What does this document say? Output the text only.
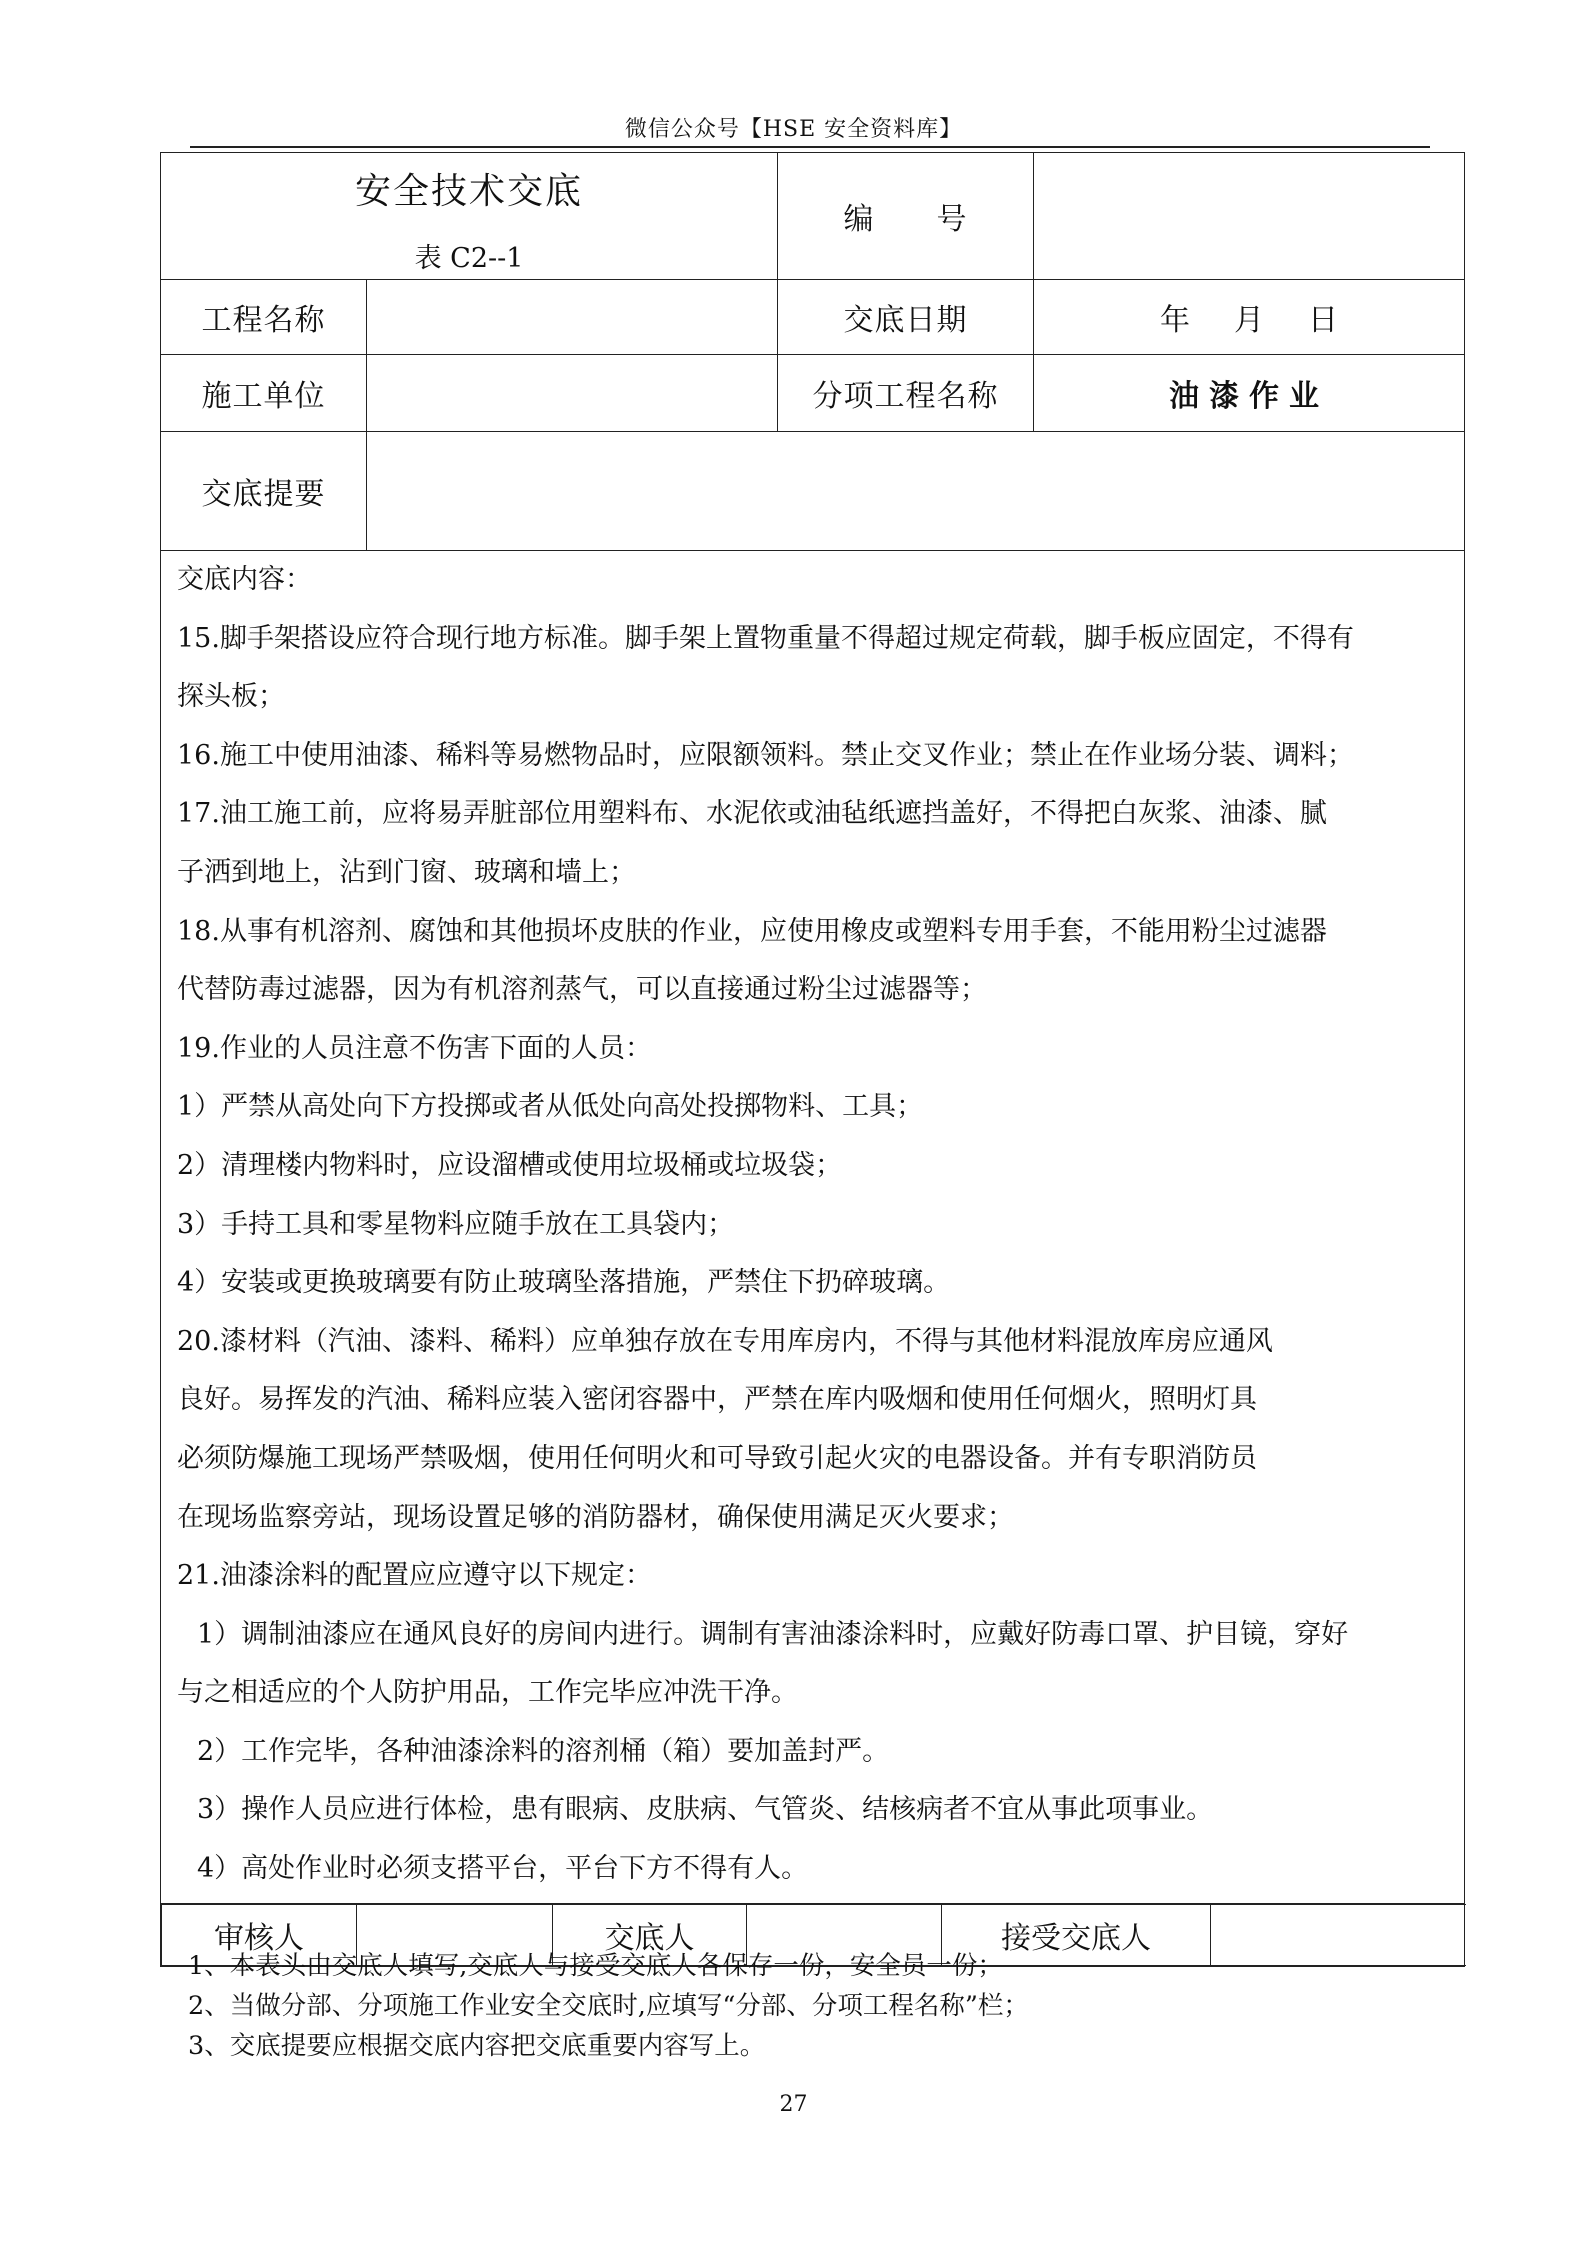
微信公众号【HSE 安全资料库】
安全技术交底
表 C2--1
	编　　号	
工程名称		交底日期	年 月 日
施工单位		分项工程名称	油漆作业
交底提要	

交底内容：

15.脚手架搭设应符合现行地方标准。脚手架上置物重量不得超过规定荷载，脚手板应固定，不得有

探头板；

16.施工中使用油漆、稀料等易燃物品时，应限额领料。禁止交叉作业；禁止在作业场分装、调料；

17.油工施工前，应将易弄脏部位用塑料布、水泥依或油毡纸遮挡盖好，不得把白灰浆、油漆、腻

子洒到地上，沾到门窗、玻璃和墙上；

18.从事有机溶剂、腐蚀和其他损坏皮肤的作业，应使用橡皮或塑料专用手套，不能用粉尘过滤器

代替防毒过滤器，因为有机溶剂蒸气，可以直接通过粉尘过滤器等；

19.作业的人员注意不伤害下面的人员：

1）严禁从高处向下方投掷或者从低处向高处投掷物料、工具；

2）清理楼内物料时，应设溜槽或使用垃圾桶或垃圾袋；

3）手持工具和零星物料应随手放在工具袋内；

4）安装或更换玻璃要有防止玻璃坠落措施，严禁住下扔碎玻璃。

20.漆材料（汽油、漆料、稀料）应单独存放在专用库房内，不得与其他材料混放库房应通风

良好。易挥发的汽油、稀料应装入密闭容器中，严禁在库内吸烟和使用任何烟火，照明灯具

必须防爆施工现场严禁吸烟，使用任何明火和可导致引起火灾的电器设备。并有专职消防员

在现场监察旁站，现场设置足够的消防器材，确保使用满足灭火要求；

21.油漆涂料的配置应应遵守以下规定：

1）调制油漆应在通风良好的房间内进行。调制有害油漆涂料时，应戴好防毒口罩、护目镜，穿好

与之相适应的个人防护用品，工作完毕应冲洗干净。

2）工作完毕，各种油漆涂料的溶剂桶（箱）要加盖封严。

3）操作人员应进行体检，患有眼病、皮肤病、气管炎、结核病者不宜从事此项事业。

4）高处作业时必须支搭平台，平台下方不得有人。

审核人		交底人		接受交底人	

1、本表头由交底人填写,交底人与接受交底人各保存一份，安全员一份；

2、当做分部、分项施工作业安全交底时,应填写“分部、分项工程名称”栏；

3、交底提要应根据交底内容把交底重要内容写上。

27
